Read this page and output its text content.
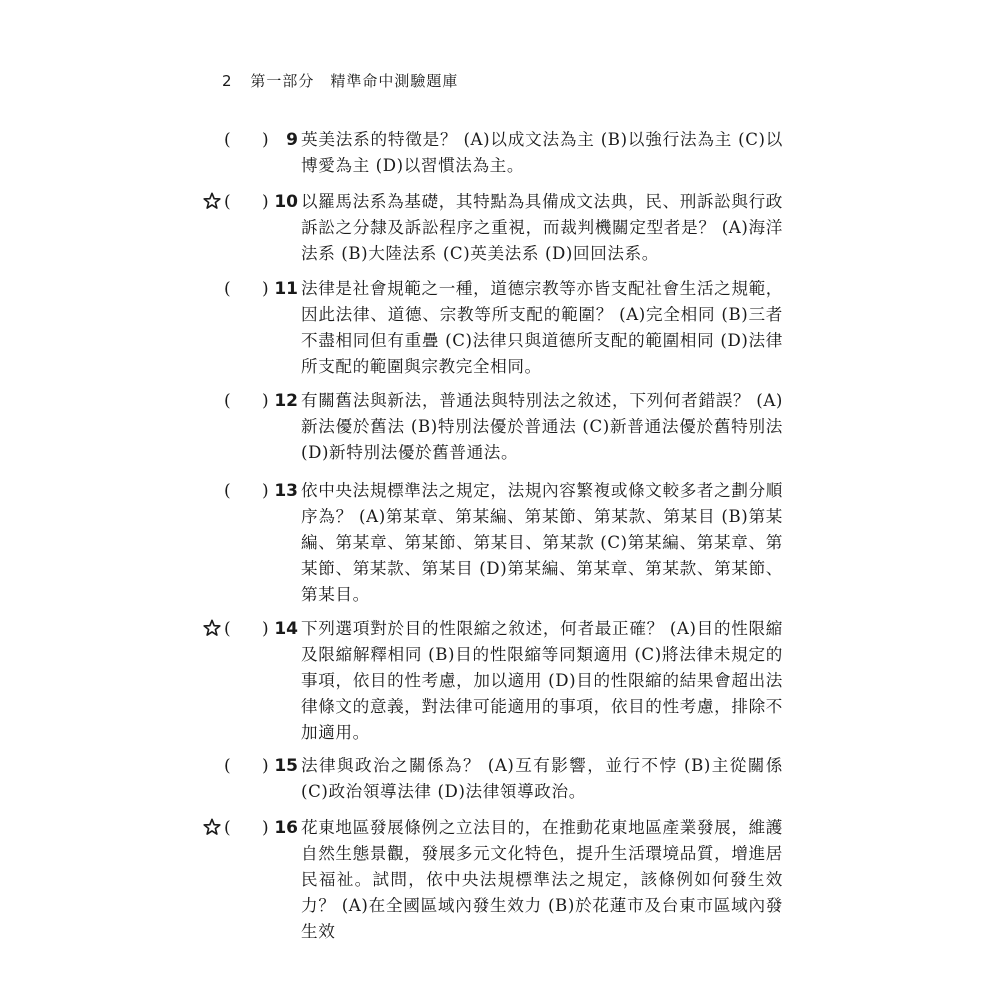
2 第一部分　精準命中測驗題庫
( )	9 英美法系的特徵是？ (A)以成文法為主 (B)以強行法為主 (C)以博愛為主 (D)以習慣法為主。
( ) 10 以羅馬法系為基礎，其特點為具備成文法典，民、刑訴訟與行政訴訟之分隸及訴訟程序之重視，而裁判機關定型者是？ (A)海洋法系 (B)大陸法系 (C)英美法系 (D)回回法系。
( ) 11 法律是社會規範之一種，道德宗教等亦皆支配社會生活之規範，因此法律、道德、宗教等所支配的範圍？ (A)完全相同 (B)三者不盡相同但有重疊 (C)法律只與道德所支配的範圍相同 (D)法律所支配的範圍與宗教完全相同。
( ) 12 有關舊法與新法，普通法與特別法之敘述，下列何者錯誤？ (A)新法優於舊法 (B)特別法優於普通法 (C)新普通法優於舊特別法 (D)新特別法優於舊普通法。
( ) 13 依中央法規標準法之規定，法規內容繁複或條文較多者之劃分順序為？ (A)第某章、第某編、第某節、第某款、第某目 (B)第某編、第某章、第某節、第某目、第某款 (C)第某編、第某章、第某節、第某款、第某目 (D)第某編、第某章、第某款、第某節、第某目。
( ) 14 下列選項對於目的性限縮之敘述，何者最正確？ (A)目的性限縮及限縮解釋相同 (B)目的性限縮等同類適用 (C)將法律未規定的事項，依目的性考慮，加以適用 (D)目的性限縮的結果會超出法律條文的意義，對法律可能適用的事項，依目的性考慮，排除不加適用。
( ) 15 法律與政治之關係為？ (A)互有影響，並行不悖 (B)主從關係 (C)政治領導法律 (D)法律領導政治。
( ) 16 花東地區發展條例之立法目的，在推動花東地區產業發展，維護自然生態景觀，發展多元文化特色，提升生活環境品質，增進居民福祉。試問，依中央法規標準法之規定，該條例如何發生效力？ (A)在全國區域內發生效力 (B)於花蓮市及台東市區域內發生效
